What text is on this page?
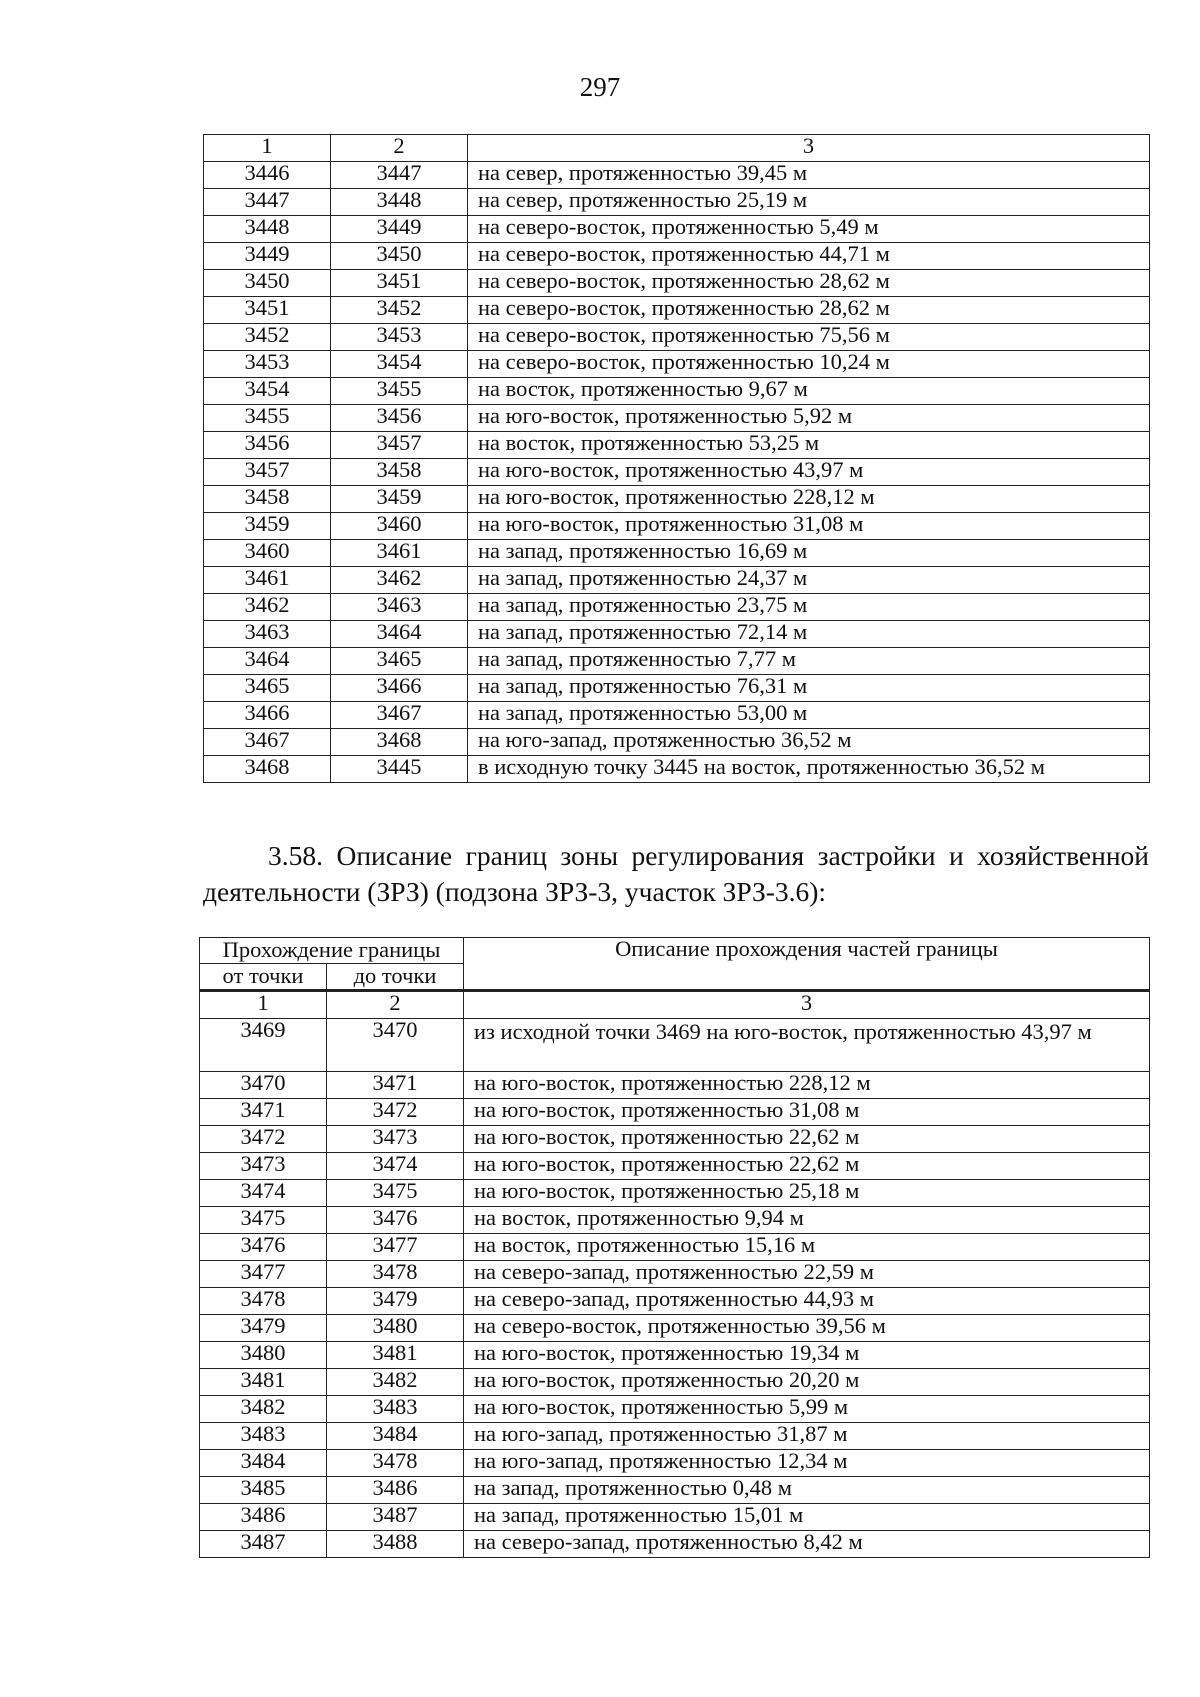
297
1	2	3
3446	3447	на север, протяженностью 39,45 м
3447	3448	на север, протяженностью 25,19 м
3448	3449	на северо-восток, протяженностью 5,49 м
3449	3450	на северо-восток, протяженностью 44,71 м
3450	3451	на северо-восток, протяженностью 28,62 м
3451	3452	на северо-восток, протяженностью 28,62 м
3452	3453	на северо-восток, протяженностью 75,56 м
3453	3454	на северо-восток, протяженностью 10,24 м
3454	3455	на восток, протяженностью 9,67 м
3455	3456	на юго-восток, протяженностью 5,92 м
3456	3457	на восток, протяженностью 53,25 м
3457	3458	на юго-восток, протяженностью 43,97 м
3458	3459	на юго-восток, протяженностью 228,12 м
3459	3460	на юго-восток, протяженностью 31,08 м
3460	3461	на запад, протяженностью 16,69 м
3461	3462	на запад, протяженностью 24,37 м
3462	3463	на запад, протяженностью 23,75 м
3463	3464	на запад, протяженностью 72,14 м
3464	3465	на запад, протяженностью 7,77 м
3465	3466	на запад, протяженностью 76,31 м
3466	3467	на запад, протяженностью 53,00 м
3467	3468	на юго-запад, протяженностью 36,52 м
3468	3445	в исходную точку 3445 на восток, протяженностью 36,52 м
3.58. Описание границ зоны регулирования застройки и хозяйственной деятельности (ЗРЗ) (подзона ЗРЗ-3, участок ЗРЗ-3.6):
Прохождение границы		Описание прохождения частей границы
от точки	до точки	
1	2	3
3469	3470	из исходной точки 3469 на юго-восток, протяженностью 43,97 м
3470	3471	на юго-восток, протяженностью 228,12 м
3471	3472	на юго-восток, протяженностью 31,08 м
3472	3473	на юго-восток, протяженностью 22,62 м
3473	3474	на юго-восток, протяженностью 22,62 м
3474	3475	на юго-восток, протяженностью 25,18 м
3475	3476	на восток, протяженностью 9,94 м
3476	3477	на восток, протяженностью 15,16 м
3477	3478	на северо-запад, протяженностью 22,59 м
3478	3479	на северо-запад, протяженностью 44,93 м
3479	3480	на северо-восток, протяженностью 39,56 м
3480	3481	на юго-восток, протяженностью 19,34 м
3481	3482	на юго-восток, протяженностью 20,20 м
3482	3483	на юго-восток, протяженностью 5,99 м
3483	3484	на юго-запад, протяженностью 31,87 м
3484	3478	на юго-запад, протяженностью 12,34 м
3485	3486	на запад, протяженностью 0,48 м
3486	3487	на запад, протяженностью 15,01 м
3487	3488	на северо-запад, протяженностью 8,42 м
